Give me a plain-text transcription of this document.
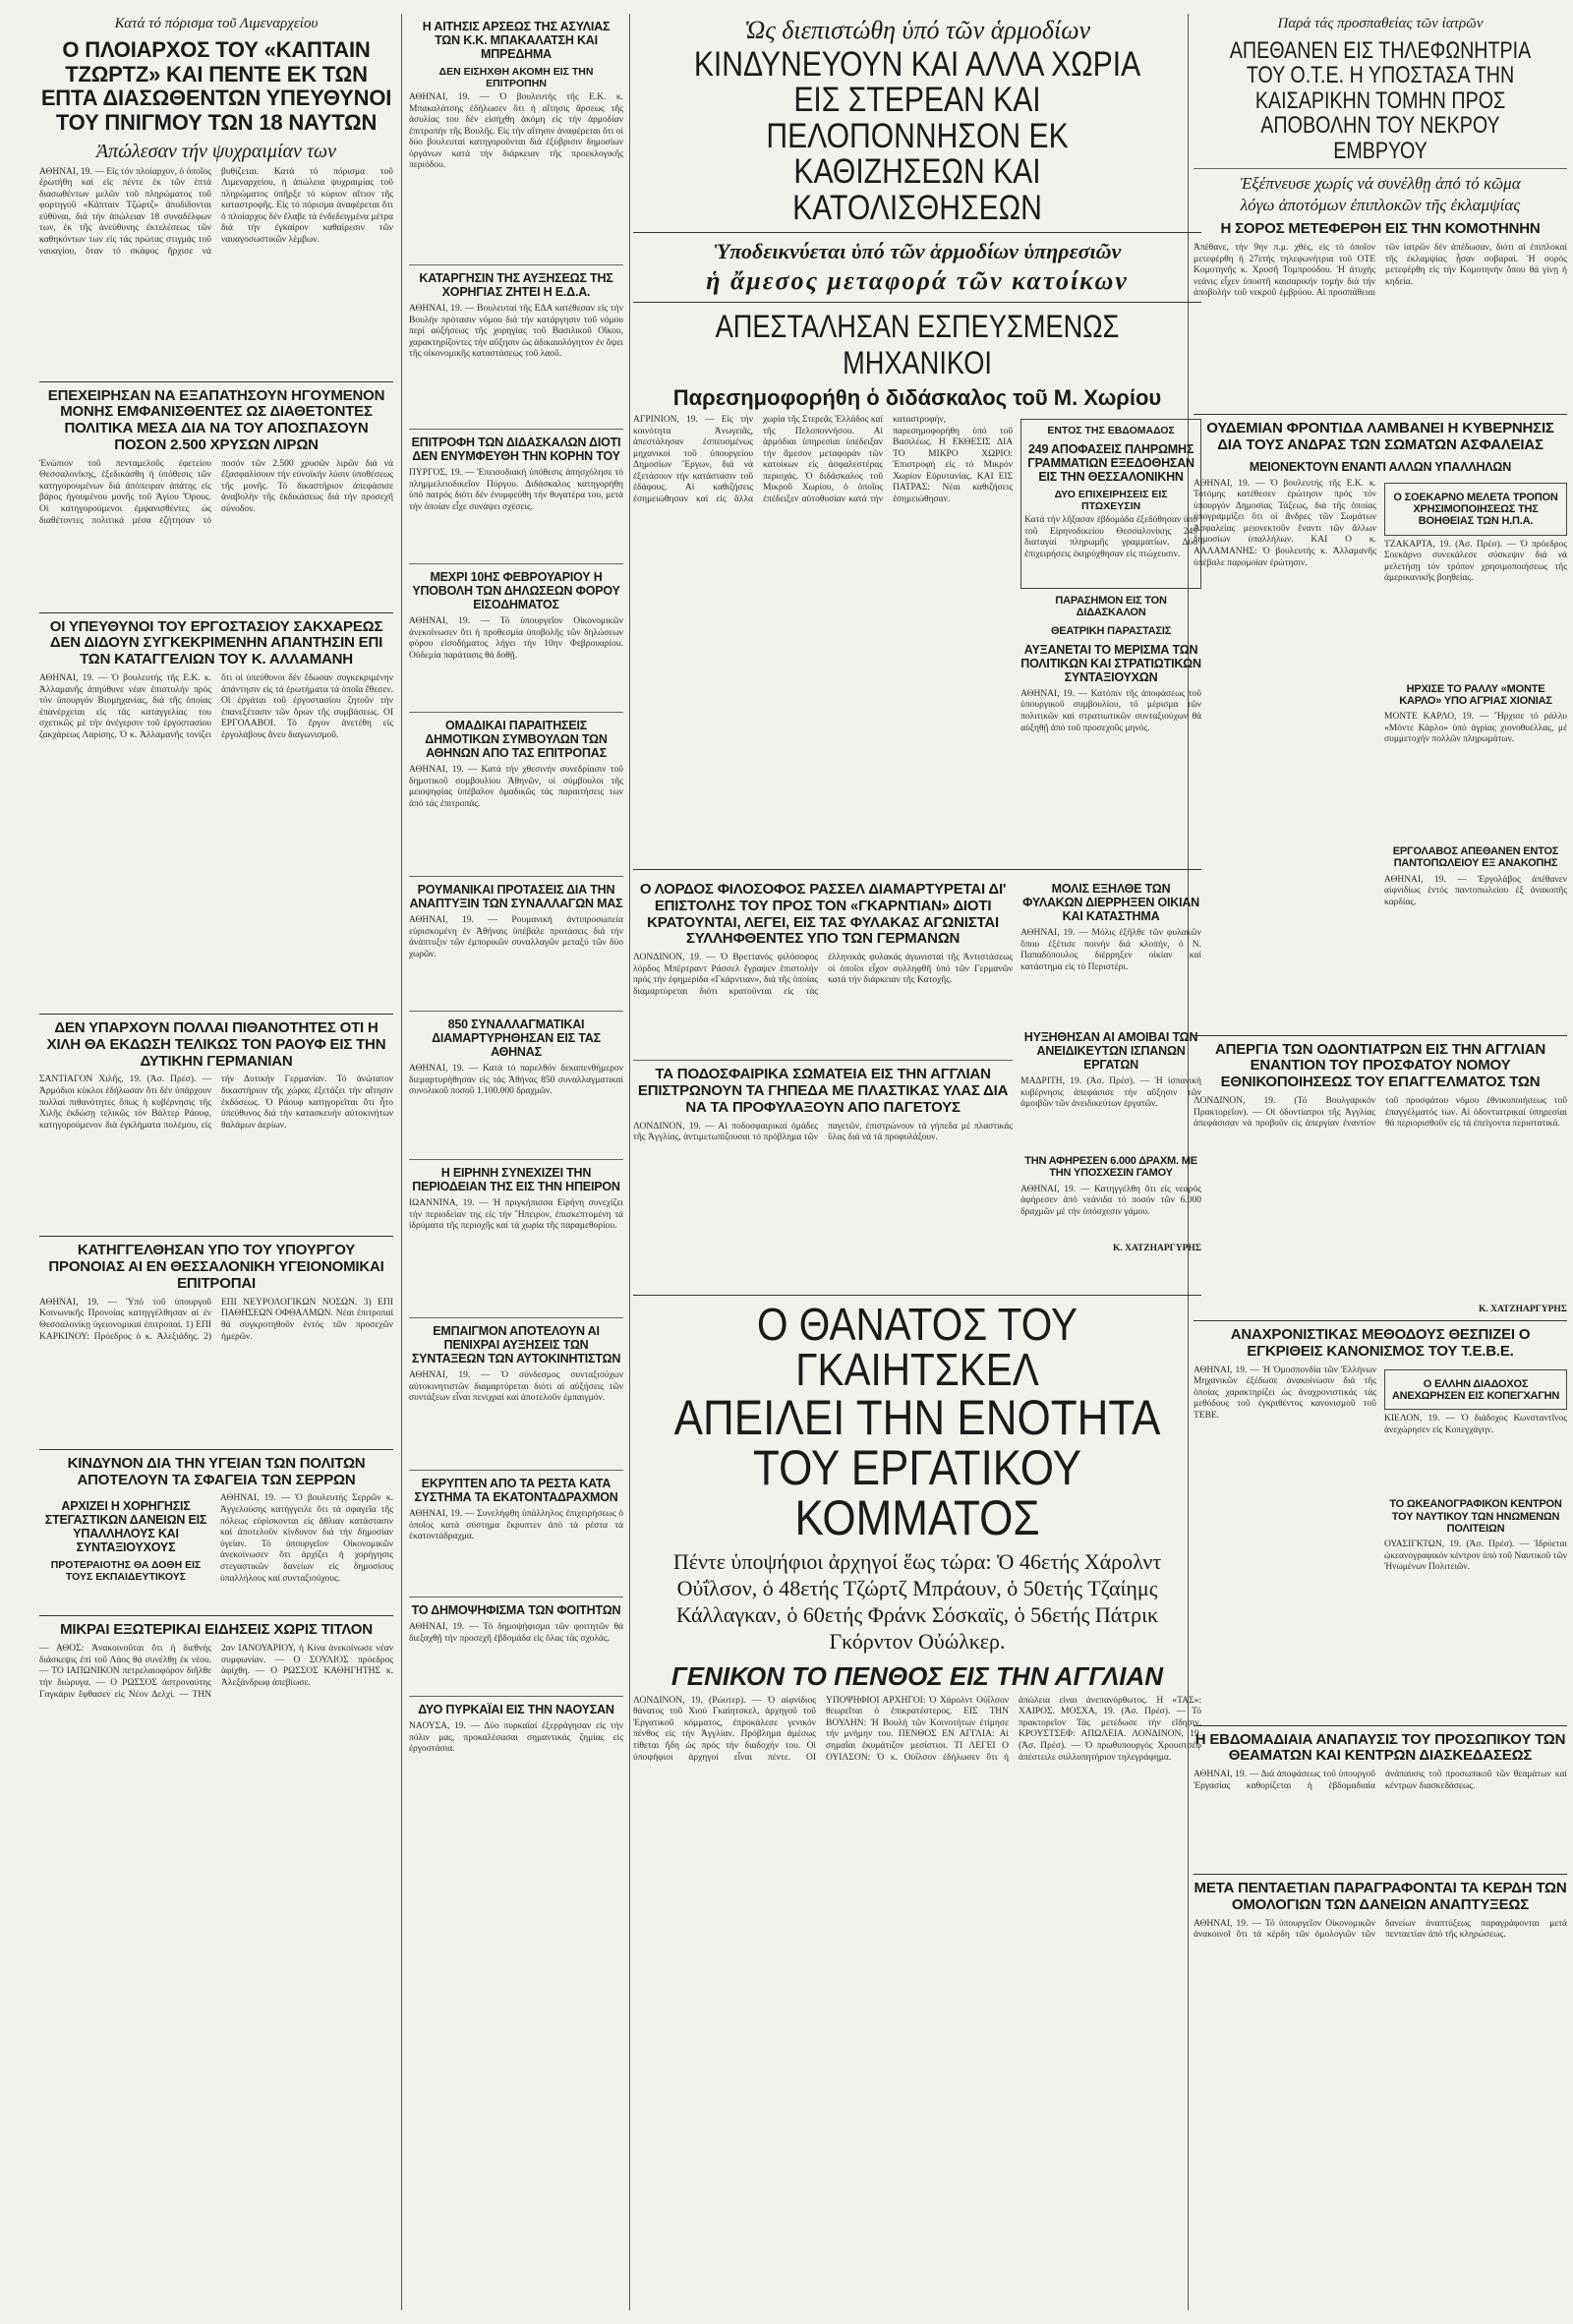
Κατά τό πόρισμα τοῦ Λιμεναρχείου
Ο ΠΛΟΙΑΡΧΟΣ ΤΟΥ «ΚΑΠΤΑΙΝ ΤΖΩΡΤΖ» ΚΑΙ ΠΕΝΤΕ ΕΚ ΤΩΝ ΕΠΤΑ ΔΙΑΣΩΘΕΝΤΩΝ ΥΠΕΥΘΥΝΟΙ ΤΟΥ ΠΝΙΓΜΟΥ ΤΩΝ 18 ΝΑΥΤΩΝ
Ἀπώλεσαν τήν ψυχραιμίαν των
ΑΘΗΝΑΙ, 19. — Εἰς τόν πλοίαρχον, ὁ ὁποῖος ἐρωτήθη καί εἰς πέντε ἐκ τῶν ἑπτά διασωθέντων μελῶν τοῦ πληρώματος τοῦ φορτηγοῦ «Κάπταιν Τζώρτζ» ἀποδίδονται εὐθύναι, διά τήν ἀπώλειαν 18 συναδέλφων των, ἐκ τῆς ἀνεύθυνης ἐκτελέσεως τῶν καθηκόντων των εἰς τάς πρώτας στιγμάς τοῦ ναυαγίου, ὅταν τό σκάφος ἤρχισε νά βυθίζεται. Κατά τό πόρισμα τοῦ Λιμεναρχείου, ἡ ἀπώλεια ψυχραιμίας τοῦ πληρώματος ὑπῆρξε τό κύριον αἴτιον τῆς καταστροφῆς. Εἰς τό πόρισμα ἀναφέρεται ὅτι ὁ πλοίαρχος δέν ἔλαβε τά ἐνδεδειγμένα μέτρα διά τήν ἐγκαίρον καθαίρεσιν τῶν ναυαγοσωστικῶν λέμβων.
ΕΠΕΧΕΙΡΗΣΑΝ ΝΑ ΕΞΑΠΑΤΗΣΟΥΝ ΗΓΟΥΜΕΝΟΝ ΜΟΝΗΣ ΕΜΦΑΝΙΣΘΕΝΤΕΣ ΩΣ ΔΙΑΘΕΤΟΝΤΕΣ ΠΟΛΙΤΙΚΑ ΜΕΣΑ ΔΙΑ ΝΑ ΤΟΥ ΑΠΟΣΠΑΣΟΥΝ ΠΟΣΟΝ 2.500 ΧΡΥΣΩΝ ΛΙΡΩΝ
Ἐνώπιον τοῦ πενταμελοῦς ἐφετείου Θεσσαλονίκης, ἐξεδικάσθη ἡ ὑπόθεσις τῶν κατηγορουμένων διά ἀπόπειραν ἀπάτης εἰς βάρος ἡγουμένου μονῆς τοῦ Ἁγίου Ὄρους. Οἱ κατηγορούμενοι ἐμφανισθέντες ὡς διαθέτοντες πολιτικά μέσα ἐζήτησαν τό ποσόν τῶν 2.500 χρυσῶν λιρῶν διά νά ἐξασφαλίσουν τήν εὐνοϊκήν λύσιν ὑποθέσεως τῆς μονῆς. Τό δικαστήριον ἀπεφάσισε ἀναβολήν τῆς ἐκδικάσεως διά τήν προσεχῆ σύνοδον.
ΟΙ ΥΠΕΥΘΥΝΟΙ ΤΟΥ ΕΡΓΟΣΤΑΣΙΟΥ ΣΑΚΧΑΡΕΩΣ ΔΕΝ ΔΙΔΟΥΝ ΣΥΓΚΕΚΡΙΜΕΝΗΝ ΑΠΑΝΤΗΣΙΝ ΕΠΙ ΤΩΝ ΚΑΤΑΓΓΕΛΙΩΝ ΤΟΥ Κ. ΑΛΛΑΜΑΝΗ
ΑΘΗΝΑΙ, 19. — Ὁ βουλευτής τῆς Ε.Κ. κ. Ἀλλαμανῆς ἀπηύθυνε νέαν ἐπιστολήν πρός τόν ὑπουργόν Βιομηχανίας, διά τῆς ὁποίας ἐπανέρχεται εἰς τάς καταγγελίας του σχετικῶς μέ τήν ἀνέγερσιν τοῦ ἐργοστασίου ζακχάρεως Λαρίσης. Ὁ κ. Ἀλλαμανῆς τονίζει ὅτι οἱ ὑπεύθυνοι δέν ἔδωσαν συγκεκριμένην ἀπάντησιν εἰς τά ἐρωτήματα τά ὁποῖα ἔθεσεν. Οἱ ἐργάται τοῦ ἐργοστασίου ζητοῦν τήν ἐπανεξέτασιν τῶν ὅρων τῆς συμβάσεως. ΟΙ ΕΡΓΟΛΑΒΟΙ. Τό ἔργον ἀνετέθη εἰς ἐργολάβους ἄνευ διαγωνισμοῦ.
ΔΕΝ ΥΠΑΡΧΟΥΝ ΠΟΛΛΑΙ ΠΙΘΑΝΟΤΗΤΕΣ ΟΤΙ Η ΧΙΛΗ ΘΑ ΕΚΔΩΣΗ ΤΕΛΙΚΩΣ ΤΟΝ ΡΑΟΥΦ ΕΙΣ ΤΗΝ ΔΥΤΙΚΗΝ ΓΕΡΜΑΝΙΑΝ
ΣΑΝΤΙΑΓΟΝ Χιλῆς, 19. (Ἀσ. Πρέσ). — Ἀρμόδιοι κύκλοι ἐδήλωσαν ὅτι δέν ὑπάρχουν πολλαί πιθανότητες ὅπως ἡ κυβέρνησις τῆς Χιλῆς ἐκδώσῃ τελικῶς τόν Βάλτερ Ράουφ, κατηγορούμενον διά ἐγκλήματα πολέμου, εἰς τήν Δυτικήν Γερμανίαν. Τό ἀνώτατον δικαστήριον τῆς χώρας ἐξετάζει τήν αἴτησιν ἐκδόσεως. Ὁ Ράουφ κατηγορεῖται ὅτι ἦτο ὑπεύθυνος διά τήν κατασκευήν αὐτοκινήτων θαλάμων ἀερίων.
ΚΑΤΗΓΓΕΛΘΗΣΑΝ ΥΠΟ ΤΟΥ ΥΠΟΥΡΓΟΥ ΠΡΟΝΟΙΑΣ ΑΙ ΕΝ ΘΕΣΣΑΛΟΝΙΚΗ ΥΓΕΙΟΝΟΜΙΚΑΙ ΕΠΙΤΡΟΠΑΙ
ΑΘΗΝΑΙ, 19. — Ὑπό τοῦ ὑπουργοῦ Κοινωνικῆς Προνοίας κατηγγέλθησαν αἱ ἐν Θεσσαλονίκῃ ὑγειονομικαί ἐπιτροπαί. 1) ΕΠΙ ΚΑΡΚΙΝΟΥ: Πρόεδρος ὁ κ. Ἀλεξιάδης. 2) ΕΠΙ ΝΕΥΡΟΛΟΓΙΚΩΝ ΝΟΣΩΝ. 3) ΕΠΙ ΠΑΘΗΣΕΩΝ ΟΦΘΑΛΜΩΝ. Νέαι ἐπιτροπαί θά συγκροτηθοῦν ἐντός τῶν προσεχῶν ἡμερῶν.
ΚΙΝΔΥΝΟΝ ΔΙΑ ΤΗΝ ΥΓΕΙΑΝ ΤΩΝ ΠΟΛΙΤΩΝ ΑΠΟΤΕΛΟΥΝ ΤΑ ΣΦΑΓΕΙΑ ΤΩΝ ΣΕΡΡΩΝ
ΑΡΧΙΖΕΙ Η ΧΟΡΗΓΗΣΙΣ ΣΤΕΓΑΣΤΙΚΩΝ ΔΑΝΕΙΩΝ ΕΙΣ ΥΠΑΛΛΗΛΟΥΣ ΚΑΙ ΣΥΝΤΑΞΙΟΥΧΟΥΣ
ΠΡΟΤΕΡΑΙΟΤΗΣ ΘΑ ΔΟΘΗ ΕΙΣ ΤΟΥΣ ΕΚΠΑΙΔΕΥΤΙΚΟΥΣ
ΑΘΗΝΑΙ, 19. — Ὁ βουλευτής Σερρῶν κ. Ἀγγελούσης κατήγγειλε ὅτι τά σφαγεῖα τῆς πόλεως εὑρίσκονται εἰς ἄθλιαν κατάστασιν καί ἀποτελοῦν κίνδυνον διά τήν δημοσίαν ὑγείαν. Τό ὑπουργεῖον Οἰκονομικῶν ἀνεκοίνωσεν ὅτι ἀρχίζει ἡ χορήγησις στεγαστικῶν δανείων εἰς δημοσίους ὑπαλλήλους καί συνταξιούχους.
ΜΙΚΡΑΙ ΕΞΩΤΕΡΙΚΑΙ ΕΙΔΗΣΕΙΣ ΧΩΡΙΣ ΤΙΤΛΟΝ
— ΑΘΟΣ: Ἀνακοινοῦται ὅτι ἡ διεθνής διάσκεψις ἐπί τοῦ Λάος θά συνέλθῃ ἐκ νέου. — ΤΟ ΙΑΠΩΝΙΚΟΝ πετρελαιοφόρον διῆλθε τήν διώρυγα. — Ο ΡΩΣΣΟΣ ἀστροναύτης Γαγκάριν ἔφθασεν εἰς Νέον Δελχί. — ΤΗΝ 2αν ΙΑΝΟΥΑΡΙΟΥ, ἡ Κίνα ἀνεκοίνωσε νέαν συμφωνίαν. — Ο ΣΟΥΛΙΟΣ πρόεδρος ἀφίχθη. — Ο ΡΩΣΣΟΣ ΚΑΘΗΓΗΤΗΣ κ. Ἀλεξάνδρωφ ἀπεβίωσε.
Η ΑΙΤΗΣΙΣ ΑΡΣΕΩΣ ΤΗΣ ΑΣΥΛΙΑΣ ΤΩΝ Κ.Κ. ΜΠΑΚΑΛΑΤΣΗ ΚΑΙ ΜΠΡΕΔΗΜΑ
ΔΕΝ ΕΙΣΗΧΘΗ ΑΚΟΜΗ ΕΙΣ ΤΗΝ ΕΠΙΤΡΟΠΗΝ
ΑΘΗΝΑΙ, 19. — Ὁ βουλευτής τῆς Ε.Κ. κ. Μπακαλάτσης ἐδήλωσεν ὅτι ἡ αἴτησις ἄρσεως τῆς ἀσυλίας του δέν εἰσήχθη ἀκόμη εἰς τήν ἀρμοδίαν ἐπιτροπήν τῆς Βουλῆς. Εἰς τήν αἴτησιν ἀναφέρεται ὅτι οἱ δύο βουλευταί κατηγοροῦνται διά ἐξύβρισιν δημοσίων ὀργάνων κατά τήν διάρκειαν τῆς προεκλογικῆς περιόδου.
ΚΑΤΑΡΓΗΣΙΝ ΤΗΣ ΑΥΞΗΣΕΩΣ ΤΗΣ ΧΟΡΗΓΙΑΣ ΖΗΤΕΙ Η Ε.Δ.Α.
ΑΘΗΝΑΙ, 19. — Βουλευταί τῆς ΕΔΑ κατέθεσαν εἰς τήν Βουλήν πρότασιν νόμου διά τήν κατάργησιν τοῦ νόμου περί αὐξήσεως τῆς χορηγίας τοῦ Βασιλικοῦ Οἴκου, χαρακτηρίζοντες τήν αὔξησιν ὡς ἀδικαιολόγητον ἐν ὄψει τῆς οἰκονομικῆς καταστάσεως τοῦ λαοῦ.
ΕΠΙΤΡΟΦΗ ΤΩΝ ΔΙΔΑΣΚΑΛΩΝ ΔΙΟΤΙ ΔΕΝ ΕΝΥΜΦΕΥΘΗ ΤΗΝ ΚΟΡΗΝ ΤΟΥ
ΠΥΡΓΟΣ, 19. — Ἐπεισοδιακή ὑπόθεσις ἀπησχόλησε τό πλημμελειοδικεῖον Πύργου. Διδάσκαλος κατηγορήθη ὑπό πατρός διότι δέν ἐνυμφεύθη τήν θυγατέρα του, μετά τήν ὁποίαν εἶχε συνάψει σχέσεις.
ΜΕΧΡΙ 10ΗΣ ΦΕΒΡΟΥΑΡΙΟΥ Η ΥΠΟΒΟΛΗ ΤΩΝ ΔΗΛΩΣΕΩΝ ΦΟΡΟΥ ΕΙΣΟΔΗΜΑΤΟΣ
ΑΘΗΝΑΙ, 19. — Τό ὑπουργεῖον Οἰκονομικῶν ἀνεκοίνωσεν ὅτι ἡ προθεσμία ὑποβολῆς τῶν δηλώσεων φόρου εἰσοδήματος λήγει τήν 10ην Φεβρουαρίου. Οὐδεμία παράτασις θά δοθῇ.
ΟΜΑΔΙΚΑΙ ΠΑΡΑΙΤΗΣΕΙΣ ΔΗΜΟΤΙΚΩΝ ΣΥΜΒΟΥΛΩΝ ΤΩΝ ΑΘΗΝΩΝ ΑΠΟ ΤΑΣ ΕΠΙΤΡΟΠΑΣ
ΑΘΗΝΑΙ, 19. — Κατά τήν χθεσινήν συνεδρίασιν τοῦ δημοτικοῦ συμβουλίου Ἀθηνῶν, οἱ σύμβουλοι τῆς μειοψηφίας ὑπέβαλον ὁμαδικῶς τάς παραιτήσεις των ἀπό τάς ἐπιτροπάς.
ΡΟΥΜΑΝΙΚΑΙ ΠΡΟΤΑΣΕΙΣ ΔΙΑ ΤΗΝ ΑΝΑΠΤΥΞΙΝ ΤΩΝ ΣΥΝΑΛΛΑΓΩΝ ΜΑΣ
ΑΘΗΝΑΙ, 19. — Ρουμανική ἀντιπροσωπεία εὑρισκομένη ἐν Ἀθήναις ὑπέβαλε προτάσεις διά τήν ἀνάπτυξιν τῶν ἐμπορικῶν συναλλαγῶν μεταξύ τῶν δύο χωρῶν.
850 ΣΥΝΑΛΛΑΓΜΑΤΙΚΑΙ ΔΙΑΜΑΡΤΥΡΗΘΗΣΑΝ ΕΙΣ ΤΑΣ ΑΘΗΝΑΣ
ΑΘΗΝΑΙ, 19. — Κατά τό παρελθόν δεκαπενθήμερον διεμαρτυρήθησαν εἰς τάς Ἀθήνας 850 συναλλαγματικαί συνολικοῦ ποσοῦ 1.100.000 δραχμῶν.
Η ΕΙΡΗΝΗ ΣΥΝΕΧΙΖΕΙ ΤΗΝ ΠΕΡΙΟΔΕΙΑΝ ΤΗΣ ΕΙΣ ΤΗΝ ΗΠΕΙΡΟΝ
ΙΩΑΝΝΙΝΑ, 19. — Ἡ πριγκήπισσα Εἰρήνη συνεχίζει τήν περιοδείαν της εἰς τήν Ἤπειρον, ἐπισκεπτομένη τά ἱδρύματα τῆς περιοχῆς καί τά χωρία τῆς παραμεθορίου.
ΕΜΠΑΙΓΜΟΝ ΑΠΟΤΕΛΟΥΝ ΑΙ ΠΕΝΙΧΡΑΙ ΑΥΞΗΣΕΙΣ ΤΩΝ ΣΥΝΤΑΞΕΩΝ ΤΩΝ ΑΥΤΟΚΙΝΗΤΙΣΤΩΝ
ΑΘΗΝΑΙ, 19. — Ὁ σύνδεσμος συνταξιούχων αὐτοκινητιστῶν διαμαρτύρεται διότι αἱ αὐξήσεις τῶν συντάξεων εἶναι πενιχραί καί ἀποτελοῦν ἐμπαιγμόν.
ΕΚΡΥΠΤΕΝ ΑΠΟ ΤΑ ΡΕΣΤΑ ΚΑΤΑ ΣΥΣΤΗΜΑ ΤΑ ΕΚΑΤΟΝΤΑΔΡΑΧΜΟΝ
ΑΘΗΝΑΙ, 19. — Συνελήφθη ὑπάλληλος ἐπιχειρήσεως ὁ ὁποῖος κατά σύστημα ἔκρυπτεν ἀπό τά ρέστα τά ἑκατοντάδραχμα.
ΤΟ ΔΗΜΟΨΗΦΙΣΜΑ ΤΩΝ ΦΟΙΤΗΤΩΝ
ΑΘΗΝΑΙ, 19. — Τό δημοψήφισμα τῶν φοιτητῶν θά διεξαχθῇ τήν προσεχῆ ἑβδομάδα εἰς ὅλας τάς σχολάς.
ΔΥΟ ΠΥΡΚΑΪΑΙ ΕΙΣ ΤΗΝ ΝΑΟΥΣΑΝ
ΝΑΟΥΣΑ, 19. — Δύο πυρκαϊαί ἐξερράγησαν εἰς τήν πόλιν μας, προκαλέσασαι σημαντικάς ζημίας εἰς ἐργοστάσια.
Ὡς διεπιστώθη ὑπό τῶν ἁρμοδίων
ΚΙΝΔΥΝΕΥΟΥΝ ΚΑΙ ΑΛΛΑ ΧΩΡΙΑ ΕΙΣ ΣΤΕΡΕΑΝ ΚΑΙ ΠΕΛΟΠΟΝΝΗΣΟΝ ΕΚ ΚΑΘΙΖΗΣΕΩΝ ΚΑΙ ΚΑΤΟΛΙΣΘΗΣΕΩΝ
Ὑποδεικνύεται ὑπό τῶν ἁρμοδίων ὑπηρεσιῶν
ἡ ἄμεσος μεταφορά τῶν κατοίκων
ΑΠΕΣΤΑΛΗΣΑΝ ΕΣΠΕΥΣΜΕΝΩΣ ΜΗΧΑΝΙΚΟΙ
Παρεσημοφορήθη ὁ διδάσκαλος τοῦ Μ. Χωρίου
ΑΓΡΙΝΙΟΝ, 19. — Εἰς τήν κοινότητα Ἀνωγειᾶς, ἀπεστάλησαν ἐσπευσμένως μηχανικοί τοῦ ὑπουργείου Δημοσίων Ἔργων, διά νά ἐξετάσουν τήν κατάστασιν τοῦ ἐδάφους. Αἱ καθιζήσεις ἐσημειώθησαν καί εἰς ἄλλα χωρία τῆς Στερεᾶς Ἑλλάδος καί τῆς Πελοποννήσου. Αἱ ἁρμόδιαι ὑπηρεσίαι ὑπέδειξαν τήν ἄμεσον μεταφοράν τῶν κατοίκων εἰς ἀσφαλεστέρας περιοχάς. Ὁ διδάσκαλος τοῦ Μικροῦ Χωρίου, ὁ ὁποῖος ἐπέδειξεν αὐτοθυσίαν κατά τήν καταστροφήν, παρεσημοφορήθη ὑπό τοῦ Βασιλέως. Η ΕΚΘΕΣΙΣ ΔΙΑ ΤΟ ΜΙΚΡΟ ΧΩΡΙΟ: Ἐπιστροφή εἰς τό Μικρόν Χωρίον Εὐρυτανίας. ΚΑΙ ΕΙΣ ΠΑΤΡΑΣ: Νέαι καθιζήσεις ἐσημειώθησαν.
ΕΝΤΟΣ ΤΗΣ ΕΒΔΟΜΑΔΟΣ
249 ΑΠΟΦΑΣΕΙΣ ΠΛΗΡΩΜΗΣ ΓΡΑΜΜΑΤΙΩΝ ΕΞΕΔΟΘΗΣΑΝ ΕΙΣ ΤΗΝ ΘΕΣΣΑΛΟΝΙΚΗΝ
ΔΥΟ ΕΠΙΧΕΙΡΗΣΕΙΣ ΕΙΣ ΠΤΩΧΕΥΣΙΝ
Κατά τήν λῆξασαν ἑβδομάδα ἐξεδόθησαν ὑπό τοῦ Εἰρηνοδικείου Θεσσαλονίκης 249 διαταγαί πληρωμῆς γραμματίων. Δύο ἐπιχειρήσεις ἐκηρύχθησαν εἰς πτώχευσιν.
ΠΑΡΑΣΗΜΟΝ ΕΙΣ ΤΟΝ ΔΙΔΑΣΚΑΛΟΝ
ΘΕΑΤΡΙΚΗ ΠΑΡΑΣΤΑΣΙΣ
ΑΥΞΑΝΕΤΑΙ ΤΟ ΜΕΡΙΣΜΑ ΤΩΝ ΠΟΛΙΤΙΚΩΝ ΚΑΙ ΣΤΡΑΤΙΩΤΙΚΩΝ ΣΥΝΤΑΞΙΟΥΧΩΝ
ΑΘΗΝΑΙ, 19. — Κατόπιν τῆς ἀποφάσεως τοῦ ὑπουργικοῦ συμβουλίου, τό μέρισμα τῶν πολιτικῶν καί στρατιωτικῶν συνταξιούχων θά αὐξηθῇ ἀπό τοῦ προσεχοῦς μηνός.
Ο ΛΟΡΔΟΣ ΦΙΛΟΣΟΦΟΣ ΡΑΣΣΕΛ ΔΙΑΜΑΡΤΥΡΕΤΑΙ ΔΙ' ΕΠΙΣΤΟΛΗΣ ΤΟΥ ΠΡΟΣ ΤΟΝ «ΓΚΑΡΝΤΙΑΝ» ΔΙΟΤΙ ΚΡΑΤΟΥΝΤΑΙ, ΛΕΓΕΙ, ΕΙΣ ΤΑΣ ΦΥΛΑΚΑΣ ΑΓΩΝΙΣΤΑΙ ΣΥΛΛΗΦΘΕΝΤΕΣ ΥΠΟ ΤΩΝ ΓΕΡΜΑΝΩΝ
ΛΟΝΔΙΝΟΝ, 19. — Ὁ Βρεττανός φιλόσοφος λόρδος Μπέρτραντ Ράσσελ ἔγραψεν ἐπιστολήν πρός τήν ἐφημερίδα «Γκάρντιαν», διά τῆς ὁποίας διαμαρτύρεται διότι κρατοῦνται εἰς τάς ἑλληνικάς φυλακάς ἀγωνισταί τῆς Ἀντιστάσεως οἱ ὁποῖοι εἶχον συλληφθῆ ὑπό τῶν Γερμανῶν κατά τήν διάρκειαν τῆς Κατοχῆς.
ΤΑ ΠΟΔΟΣΦΑΙΡΙΚΑ ΣΩΜΑΤΕΙΑ ΕΙΣ ΤΗΝ ΑΓΓΛΙΑΝ ΕΠΙΣΤΡΩΝΟΥΝ ΤΑ ΓΗΠΕΔΑ ΜΕ ΠΛΑΣΤΙΚΑΣ ΥΛΑΣ ΔΙΑ ΝΑ ΤΑ ΠΡΟΦΥΛΑΞΟΥΝ ΑΠΟ ΠΑΓΕΤΟΥΣ
ΛΟΝΔΙΝΟΝ, 19. — Αἱ ποδοσφαιρικαί ὁμάδες τῆς Ἀγγλίας, ἀντιμετωπίζουσαι τό πρόβλημα τῶν παγετῶν, ἐπιστρώνουν τά γήπεδα μέ πλαστικάς ὕλας διά νά τά προφυλάξουν.
ΜΟΛΙΣ ΕΞΗΛΘΕ ΤΩΝ ΦΥΛΑΚΩΝ ΔΙΕΡΡΗΞΕΝ ΟΙΚΙΑΝ ΚΑΙ ΚΑΤΑΣΤΗΜΑ
ΑΘΗΝΑΙ, 19. — Μόλις ἐξῆλθε τῶν φυλακῶν ὅπου ἐξέτισε ποινήν διά κλοπήν, ὁ Ν. Παπαδόπουλος διέρρηξεν οἰκίαν καί κατάστημα εἰς τό Περιστέρι.
ΗΥΞΗΘΗΣΑΝ ΑΙ ΑΜΟΙΒΑΙ ΤΩΝ ΑΝΕΙΔΙΚΕΥΤΩΝ ΙΣΠΑΝΩΝ ΕΡΓΑΤΩΝ
ΜΑΔΡΙΤΗ, 19. (Ἀσ. Πρέσ). — Ἡ ἰσπανική κυβέρνησις ἀπεφάσισε τήν αὔξησιν τῶν ἀμοιβῶν τῶν ἀνειδικεύτων ἐργατῶν.
ΤΗΝ ΑΦΗΡΕΣΕΝ 6.000 ΔΡΑΧΜ. ΜΕ ΤΗΝ ΥΠΟΣΧΕΣΙΝ ΓΑΜΟΥ
ΑΘΗΝΑΙ, 19. — Κατηγγέλθη ὅτι εἶς νεαρός ἀφήρεσεν ἀπό νεάνιδα τό ποσόν τῶν 6.000 δραχμῶν μέ τήν ὑπόσχεσιν γάμου.
Κ. ΧΑΤΖΗΑΡΓΥΡΗΣ
Ο ΘΑΝΑΤΟΣ ΤΟΥ ΓΚΑΙΗΤΣΚΕΛ
ΑΠΕΙΛΕΙ ΤΗΝ ΕΝΟΤΗΤΑ
ΤΟΥ ΕΡΓΑΤΙΚΟΥ ΚΟΜΜΑΤΟΣ
Πέντε ὑποψήφιοι ἀρχηγοί ἕως τώρα: Ὁ 46ετής Χάρολντ Οὐΐλσον, ὁ 48ετής Τζώρτζ Μπράουν, ὁ 50ετής Τζαίημς Κάλλαγκαν, ὁ 60ετής Φράνκ Σόσκαϊς, ὁ 56ετής Πάτρικ Γκόρντον Οὐώλκερ.
ΓΕΝΙΚΟΝ ΤΟ ΠΕΝΘΟΣ ΕΙΣ ΤΗΝ ΑΓΓΛΙΑΝ
ΛΟΝΔΙΝΟΝ, 19. (Ρώυτερ). — Ὁ αἰφνίδιος θάνατος τοῦ Χιού Γκαίητσκελ, ἀρχηγοῦ τοῦ Ἐργατικοῦ κόμματος, ἐπροκάλεσε γενικόν πένθος εἰς τήν Ἀγγλίαν. Πρόβλημα ἀμέσως τίθεται ἤδη ὡς πρός τήν διαδοχήν του. Οἱ ὑποψήφιοι ἀρχηγοί εἶναι πέντε. ΟΙ ΥΠΟΨΗΦΙΟΙ ΑΡΧΗΓΟΙ: Ὁ Χάρολντ Οὐΐλσον θεωρεῖται ὁ ἐπικρατέστερος. ΕΙΣ ΤΗΝ ΒΟΥΛΗΝ: Ἡ Βουλή τῶν Κοινοτήτων ἐτίμησε τήν μνήμην του. ΠΕΝΘΟΣ ΕΝ ΑΓΓΛΙΑ: Αἱ σημαῖαι ἐκυμάτιζον μεσίστιοι. ΤΙ ΛΕΓΕΙ Ο ΟΥΙΛΣΟΝ: Ὁ κ. Οὐΐλσον ἐδήλωσεν ὅτι ἡ ἀπώλεια εἶναι ἀνεπανόρθωτος. Η «ΤΑΣ»: ΧΑΙΡΟΣ. ΜΟΣΧΑ, 19. (Ἀσ. Πρέσ). — Τό πρακτορεῖον Τάς μετέδωσε τήν εἴδησιν. ΚΡΟΥΣΤΣΕΦ: ΑΠΩΛΕΙΑ. ΛΟΝΔΙΝΟΝ, 19. (Ἀσ. Πρέσ). — Ὁ πρωθυπουργός Χρουστσέφ ἀπέστειλε συλλυπητήριον τηλεγράφημα.
Παρά τάς προσπαθείας τῶν ἰατρῶν
ΑΠΕΘΑΝΕΝ ΕΙΣ ΤΗΛΕΦΩΝΗΤΡΙΑ ΤΟΥ Ο.Τ.Ε. Η ΥΠΟΣΤΑΣΑ ΤΗΝ ΚΑΙΣΑΡΙΚΗΝ ΤΟΜΗΝ ΠΡΟΣ ΑΠΟΒΟΛΗΝ ΤΟΥ ΝΕΚΡΟΥ ΕΜΒΡΥΟΥ
Ἐξέπνευσε χωρίς νά συνέλθῃ ἀπό τό κῶμα
λόγω ἀποτόμων ἐπιπλοκῶν τῆς ἐκλαμψίας
Η ΣΟΡΟΣ ΜΕΤΕΦΕΡΘΗ ΕΙΣ ΤΗΝ ΚΟΜΟΤΗΝΗΝ
Ἀπέθανε, τήν 9ην π.μ. χθές, εἰς τό ὁποῖον μετεφέρθη ἡ 27ετής τηλεφωνήτρια τοῦ ΟΤΕ Κομοτηνῆς κ. Χρυσῆ Τομπρούδου. Ἡ ἀτυχής νεάνις εἶχεν ὑποστῆ καισαρικήν τομήν διά τήν ἀποβολήν τοῦ νεκροῦ ἐμβρύου. Αἱ προσπάθειαι τῶν ἰατρῶν δέν ἀπέδωσαν, διότι αἱ ἐπιπλοκαί τῆς ἐκλαμψίας ἦσαν σοβαραί. Ἡ σορός μετεφέρθη εἰς τήν Κομοτηνήν ὅπου θά γίνῃ ἡ κηδεία.
ΟΥΔΕΜΙΑΝ ΦΡΟΝΤΙΔΑ ΛΑΜΒΑΝΕΙ Η ΚΥΒΕΡΝΗΣΙΣ ΔΙΑ ΤΟΥΣ ΑΝΔΡΑΣ ΤΩΝ ΣΩΜΑΤΩΝ ΑΣΦΑΛΕΙΑΣ
ΜΕΙΟΝΕΚΤΟΥΝ ΕΝΑΝΤΙ ΑΛΛΩΝ ΥΠΑΛΛΗΛΩΝ
ΑΘΗΝΑΙ, 19. — Ὁ βουλευτής τῆς Ε.Κ. κ. Τοτόμης κατέθεσεν ἐρώτησιν πρός τόν ὑπουργόν Δημοσίας Τάξεως, διά τῆς ὁποίας ὑπογραμμίζει ὅτι οἱ ἄνδρες τῶν Σωμάτων Ἀσφαλείας μειονεκτοῦν ἔναντι τῶν ἄλλων δημοσίων ὑπαλλήλων. ΚΑΙ Ο κ. ΑΛΛΑΜΑΝΗΣ: Ὁ βουλευτής κ. Ἀλλαμανῆς ὑπέβαλε παρομοίαν ἐρώτησιν.
Ο ΣΟΕΚΑΡΝΟ ΜΕΛΕΤΑ ΤΡΟΠΟΝ ΧΡΗΣΙΜΟΠΟΙΗΣΕΩΣ ΤΗΣ ΒΟΗΘΕΙΑΣ ΤΩΝ Η.Π.Α.
ΤΖΑΚΑΡΤΑ, 19. (Ἀσ. Πρέσ). — Ὁ πρόεδρος Σοεκάρνο συνεκάλεσε σύσκεψιν διά νά μελετήσῃ τόν τρόπον χρησιμοποιήσεως τῆς ἀμερικανικῆς βοηθείας.
ΗΡΧΙΣΕ ΤΟ ΡΑΛΛΥ «ΜΟΝΤΕ ΚΑΡΛΟ» ΥΠΟ ΑΓΡΙΑΣ ΧΙΟΝΙΑΣ
ΜΟΝΤΕ ΚΑΡΛΟ, 19. — Ἤρχισε τό ράλλυ «Μόντε Κάρλο» ὑπό ἀγρίας χιονοθυέλλας, μέ συμμετοχήν πολλῶν πληρωμάτων.
ΕΡΓΟΛΑΒΟΣ ΑΠΕΘΑΝΕΝ ΕΝΤΟΣ ΠΑΝΤΟΠΩΛΕΙΟΥ ΕΞ ΑΝΑΚΟΠΗΣ
ΑΘΗΝΑΙ, 19. — Ἐργολάβος ἀπέθανεν αἰφνιδίως ἐντός παντοπωλείου ἐξ ἀνακοπῆς καρδίας.
ΑΠΕΡΓΙΑ ΤΩΝ ΟΔΟΝΤΙΑΤΡΩΝ ΕΙΣ ΤΗΝ ΑΓΓΛΙΑΝ ΕΝΑΝΤΙΟΝ ΤΟΥ ΠΡΟΣΦΑΤΟΥ ΝΟΜΟΥ ΕΘΝΙΚΟΠΟΙΗΣΕΩΣ ΤΟΥ ΕΠΑΓΓΕΛΜΑΤΟΣ ΤΩΝ
ΛΟΝΔΙΝΟΝ, 19. (Τό Βουλγαρικόν Πρακτορεῖον). — Οἱ ὀδοντίατροι τῆς Ἀγγλίας ἀπεφάσισαν νά προβοῦν εἰς ἀπεργίαν ἐναντίον τοῦ προσφάτου νόμου ἐθνικοποιήσεως τοῦ ἐπαγγέλματός των. Αἱ ὀδοντιατρικαί ὑπηρεσίαι θά περιορισθοῦν εἰς τά ἐπείγοντα περιστατικά.
Κ. ΧΑΤΖΗΑΡΓΥΡΗΣ
ΑΝΑΧΡΟΝΙΣΤΙΚΑΣ ΜΕΘΟΔΟΥΣ ΘΕΣΠΙΖΕΙ Ο ΕΓΚΡΙΘΕΙΣ ΚΑΝΟΝΙΣΜΟΣ ΤΟΥ Τ.Ε.Β.Ε.
ΑΘΗΝΑΙ, 19. — Ἡ Ὁμοσπονδία τῶν Ἑλλήνων Μηχανικῶν ἐξέδωσε ἀνακοίνωσιν διά τῆς ὁποίας χαρακτηρίζει ὡς ἀναχρονιστικάς τάς μεθόδους τοῦ ἐγκριθέντος κανονισμοῦ τοῦ ΤΕΒΕ.
Ο ΕΛΛΗΝ ΔΙΑΔΟΧΟΣ ΑΝΕΧΩΡΗΣΕΝ ΕΙΣ ΚΟΠΕΓΧΑΓΗΝ
ΚΙΕΛΟΝ, 19. — Ὁ διάδοχος Κωνσταντῖνος ἀνεχώρησεν εἰς Κοπεγχάγην.
ΤΟ ΩΚΕΑΝΟΓΡΑΦΙΚΟΝ ΚΕΝΤΡΟΝ ΤΟΥ ΝΑΥΤΙΚΟΥ ΤΩΝ ΗΝΩΜΕΝΩΝ ΠΟΛΙΤΕΙΩΝ
ΟΥΑΣΙΓΚΤΩΝ, 19. (Ἀσ. Πρέσ). — Ἱδρύεται ὠκεανογραφικόν κέντρον ὑπό τοῦ Ναυτικοῦ τῶν Ἡνωμένων Πολιτειῶν.
Η ΕΒΔΟΜΑΔΙΑΙΑ ΑΝΑΠΑΥΣΙΣ ΤΟΥ ΠΡΟΣΩΠΙΚΟΥ ΤΩΝ ΘΕΑΜΑΤΩΝ ΚΑΙ ΚΕΝΤΡΩΝ ΔΙΑΣΚΕΔΑΣΕΩΣ
ΑΘΗΝΑΙ, 19. — Διά ἀποφάσεως τοῦ ὑπουργοῦ Ἐργασίας καθορίζεται ἡ ἑβδομαδιαία ἀνάπαυσις τοῦ προσωπικοῦ τῶν θεαμάτων καί κέντρων διασκεδάσεως.
ΜΕΤΑ ΠΕΝΤΑΕΤΙΑΝ ΠΑΡΑΓΡΑΦΟΝΤΑΙ ΤΑ ΚΕΡΔΗ ΤΩΝ ΟΜΟΛΟΓΙΩΝ ΤΩΝ ΔΑΝΕΙΩΝ ΑΝΑΠΤΥΞΕΩΣ
ΑΘΗΝΑΙ, 19. — Τό ὑπουργεῖον Οἰκονομικῶν ἀνακοινοῖ ὅτι τά κέρδη τῶν ὁμολογιῶν τῶν δανείων ἀναπτύξεως παραγράφονται μετά πενταετίαν ἀπό τῆς κληρώσεως.
